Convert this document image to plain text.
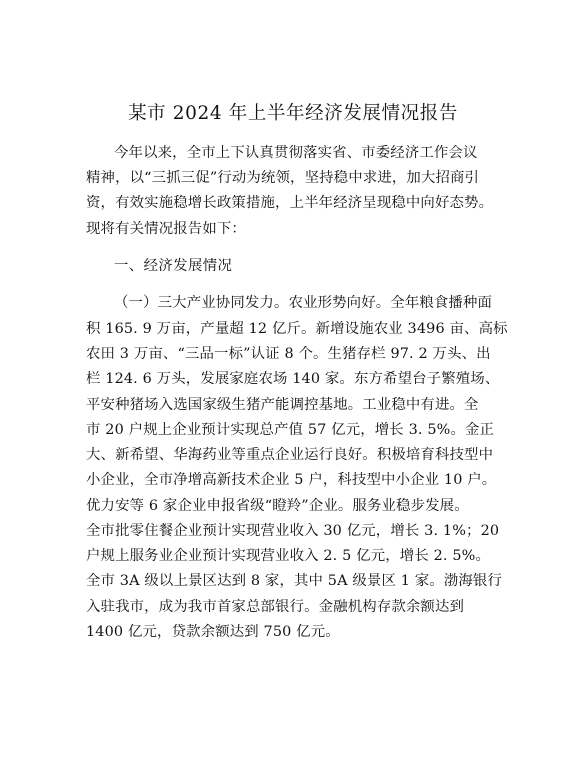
某市 2024 年上半年经济发展情况报告
今年以来，全市上下认真贯彻落实省、市委经济工作会议
精神，以“三抓三促”行动为统领，坚持稳中求进，加大招商引
资，有效实施稳增长政策措施，上半年经济呈现稳中向好态势。
现将有关情况报告如下：
一、经济发展情况
（一）三大产业协同发力。农业形势向好。全年粮食播种面
积 165. 9 万亩，产量超 12 亿斤。新增设施农业 3496 亩、高标
农田 3 万亩、“三品一标”认证 8 个。生猪存栏 97. 2 万头、出
栏 124. 6 万头，发展家庭农场 140 家。东方希望台子繁殖场、
平安种猪场入选国家级生猪产能调控基地。工业稳中有进。全
市 20 户规上企业预计实现总产值 57 亿元，增长 3. 5%。金正
大、新希望、华海药业等重点企业运行良好。积极培育科技型中
小企业，全市净增高新技术企业 5 户，科技型中小企业 10 户。
优力安等 6 家企业申报省级“瞪羚”企业。服务业稳步发展。
全市批零住餐企业预计实现营业收入 30 亿元，增长 3. 1%；20
户规上服务业企业预计实现营业收入 2. 5 亿元，增长 2. 5%。
全市 3A 级以上景区达到 8 家，其中 5A 级景区 1 家。渤海银行
入驻我市，成为我市首家总部银行。金融机构存款余额达到
1400 亿元，贷款余额达到 750 亿元。
